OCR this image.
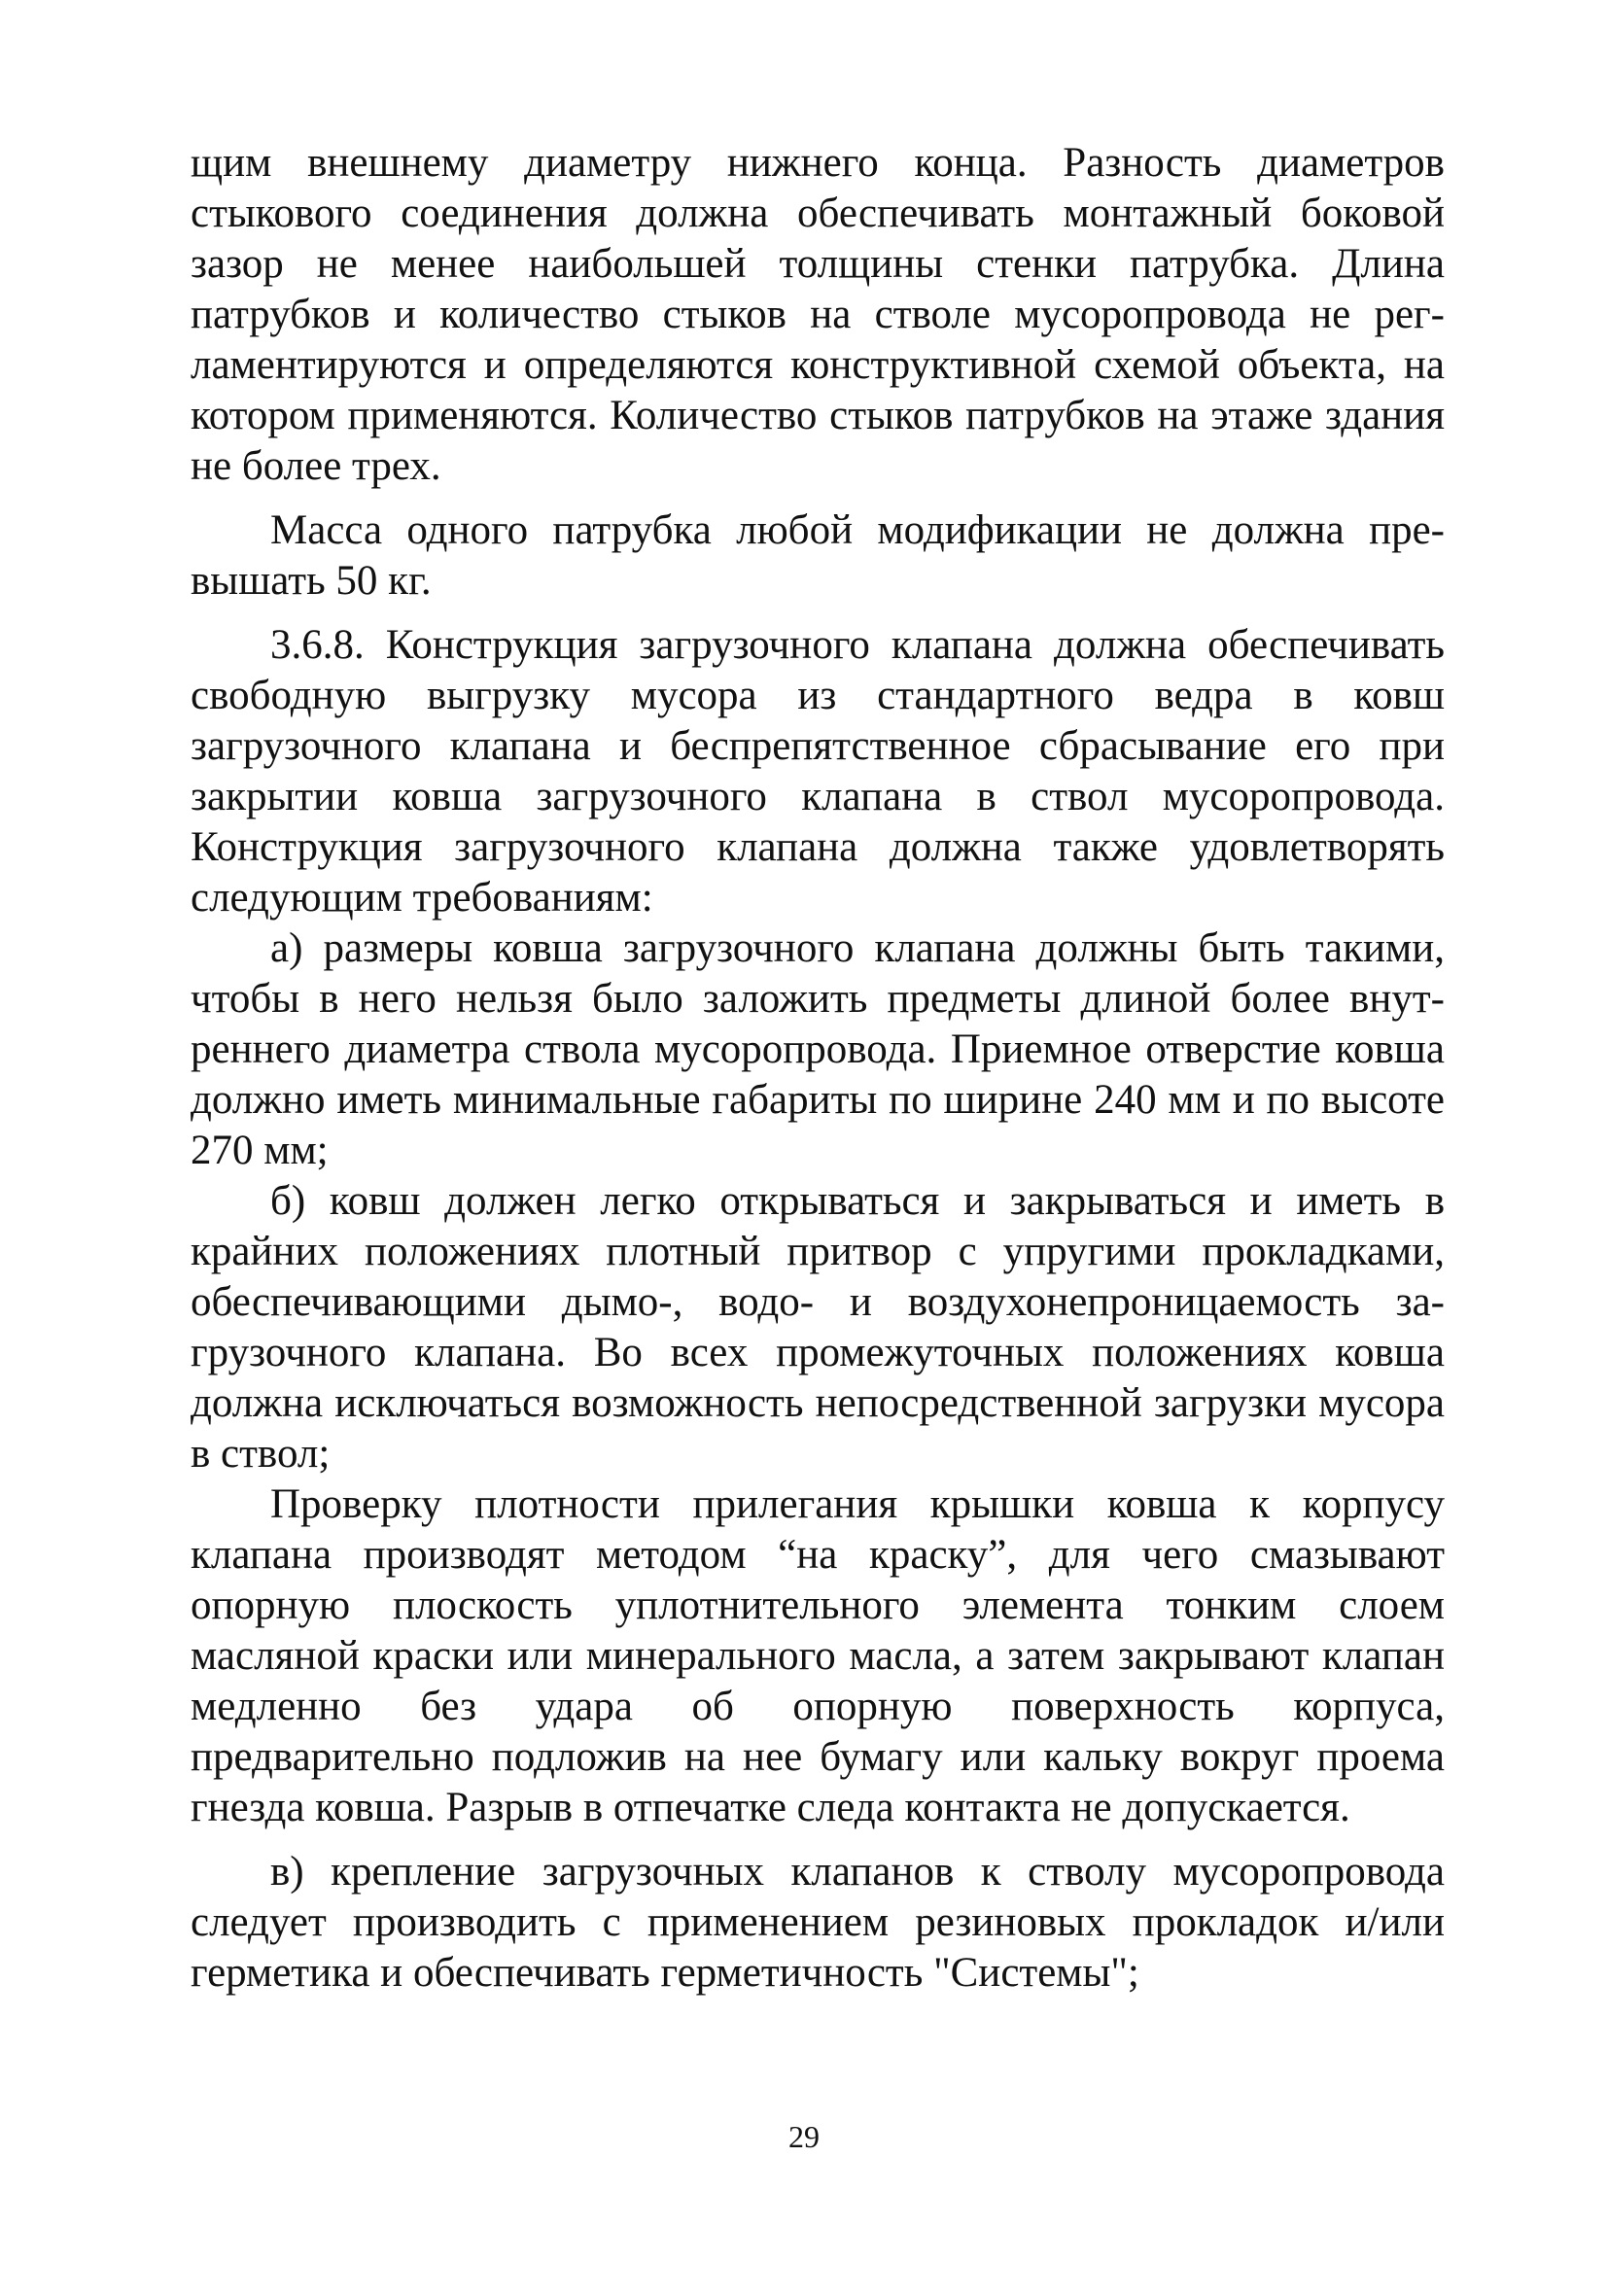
щим внешнему диаметру нижнего конца. Разность диаметров стыкового соединения должна обеспечивать монтажный боковой зазор не менее наибольшей толщины стенки патрубка. Длина патрубков и количество стыков на стволе мусоропровода не регламентируются и определяются конструктивной схемой объекта, на котором применяются. Количество стыков патрубков на этаже здания не более трех.

Масса одного патрубка любой модификации не должна превышать 50 кг.

3.6.8. Конструкция загрузочного клапана должна обеспечивать свободную выгрузку мусора из стандартного ведра в ковш загрузочного клапана и беспрепятственное сбрасывание его при закрытии ковша загрузочного клапана в ствол мусоропровода. Конструкция загрузочного клапана должна также удовлетворять следующим требованиям:

а) размеры ковша загрузочного клапана должны быть такими, чтобы в него нельзя было заложить предметы длиной более внутреннего диаметра ствола мусоропровода. Приемное отверстие ковша должно иметь минимальные габариты по ширине 240 мм и по высоте 270 мм;

б) ковш должен легко открываться и закрываться и иметь в крайних положениях плотный притвор с упругими прокладками, обеспечивающими дымо-, водо- и воздухонепроницаемость загрузочного клапана. Во всех промежуточных положениях ковша должна исключаться возможность непосредственной загрузки мусора в ствол;

Проверку плотности прилегания крышки ковша к корпусу клапана производят методом “на краску”, для чего смазывают опорную плоскость уплотнительного элемента тонким слоем масляной краски или минерального масла, а затем закрывают клапан медленно без удара об опорную поверхность корпуса, предварительно подложив на нее бумагу или кальку вокруг проема гнезда ковша. Разрыв в отпечатке следа контакта не допускается.

в) крепление загрузочных клапанов к стволу мусоропровода следует производить с применением резиновых прокладок и/или герметика и обеспечивать герметичность "Системы";

29
